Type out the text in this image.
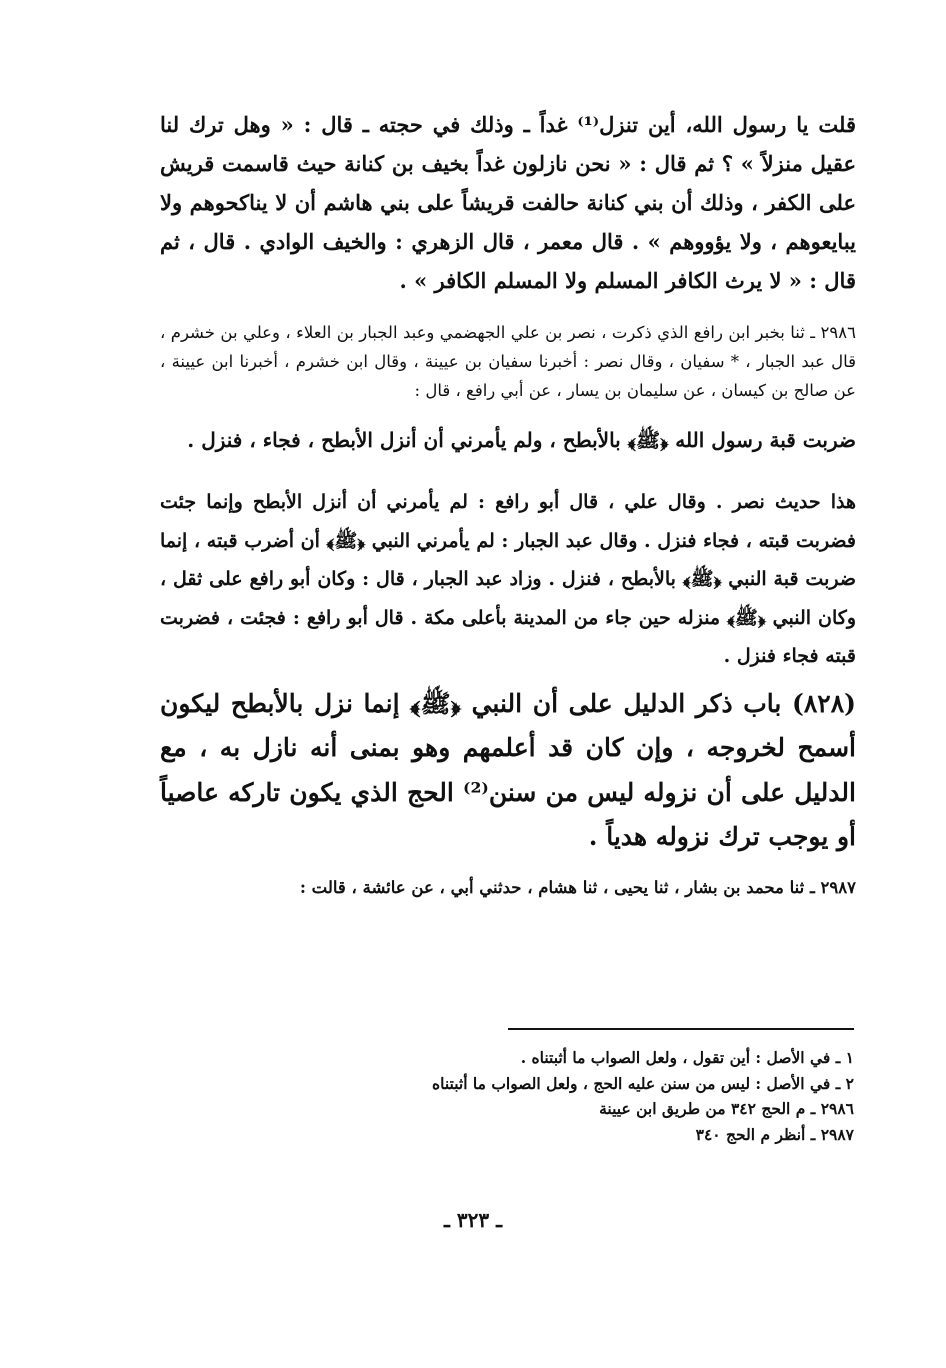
قلت يا رسول الله، أين تنزل⁽¹⁾ غداً ـ وذلك في حجته ـ قال : « وهل ترك لنا عقيل منزلاً » ؟ ثم قال : « نحن نازلون غداً بخيف بن كنانة حيث قاسمت قريش على الكفر ، وذلك أن بني كنانة حالفت قريشاً على بني هاشم أن لا يناكحوهم ولا يبايعوهم ، ولا يؤووهم » . قال معمر ، قال الزهري : والخيف الوادي . قال ، ثم قال : « لا يرث الكافر المسلم ولا المسلم الكافر » .

٢٩٨٦ ـ ثنا بخبر ابن رافع الذي ذكرت ، نصر بن علي الجهضمي وعبد الجبار بن العلاء ، وعلي بن خشرم ، قال عبد الجبار ، * سفيان ، وقال نصر : أخبرنا سفيان بن عيينة ، وقال ابن خشرم ، أخبرنا ابن عيينة ، عن صالح بن كيسان ، عن سليمان بن يسار ، عن أبي رافع ، قال :

ضربت قبة رسول الله ﴿ﷺ﴾ بالأبطح ، ولم يأمرني أن أنزل الأبطح ، فجاء ، فنزل .

هذا حديث نصر . وقال علي ، قال أبو رافع : لم يأمرني أن أنزل الأبطح وإنما جئت فضربت قبته ، فجاء فنزل . وقال عبد الجبار : لم يأمرني النبي ﴿ﷺ﴾ أن أضرب قبته ، إنما ضربت قبة النبي ﴿ﷺ﴾ بالأبطح ، فنزل . وزاد عبد الجبار ، قال : وكان أبو رافع على ثقل ، وكان النبي ﴿ﷺ﴾ منزله حين جاء من المدينة بأعلى مكة . قال أبو رافع : فجئت ، فضربت قبته فجاء فنزل .

(٨٢٨) باب ذكر الدليل على أن النبي ﴿ﷺ﴾ إنما نزل بالأبطح ليكون أسمح لخروجه ، وإن كان قد أعلمهم وهو بمنى أنه نازل به ، مع الدليل على أن نزوله ليس من سنن⁽²⁾ الحج الذي يكون تاركه عاصياً أو يوجب ترك نزوله هدياً .

٢٩٨٧ ـ ثنا محمد بن بشار ، ثنا يحيى ، ثنا هشام ، حدثني أبي ، عن عائشة ، قالت :

١ ـ في الأصل : أين تقول ، ولعل الصواب ما أثبتناه .

٢ ـ في الأصل : ليس من سنن عليه الحج ، ولعل الصواب ما أثبتناه

٢٩٨٦ ـ م الحج ٣٤٢ من طريق ابن عيينة

٢٩٨٧ ـ أنظر م الحج ٣٤٠

ـ ٣٢٣ ـ
